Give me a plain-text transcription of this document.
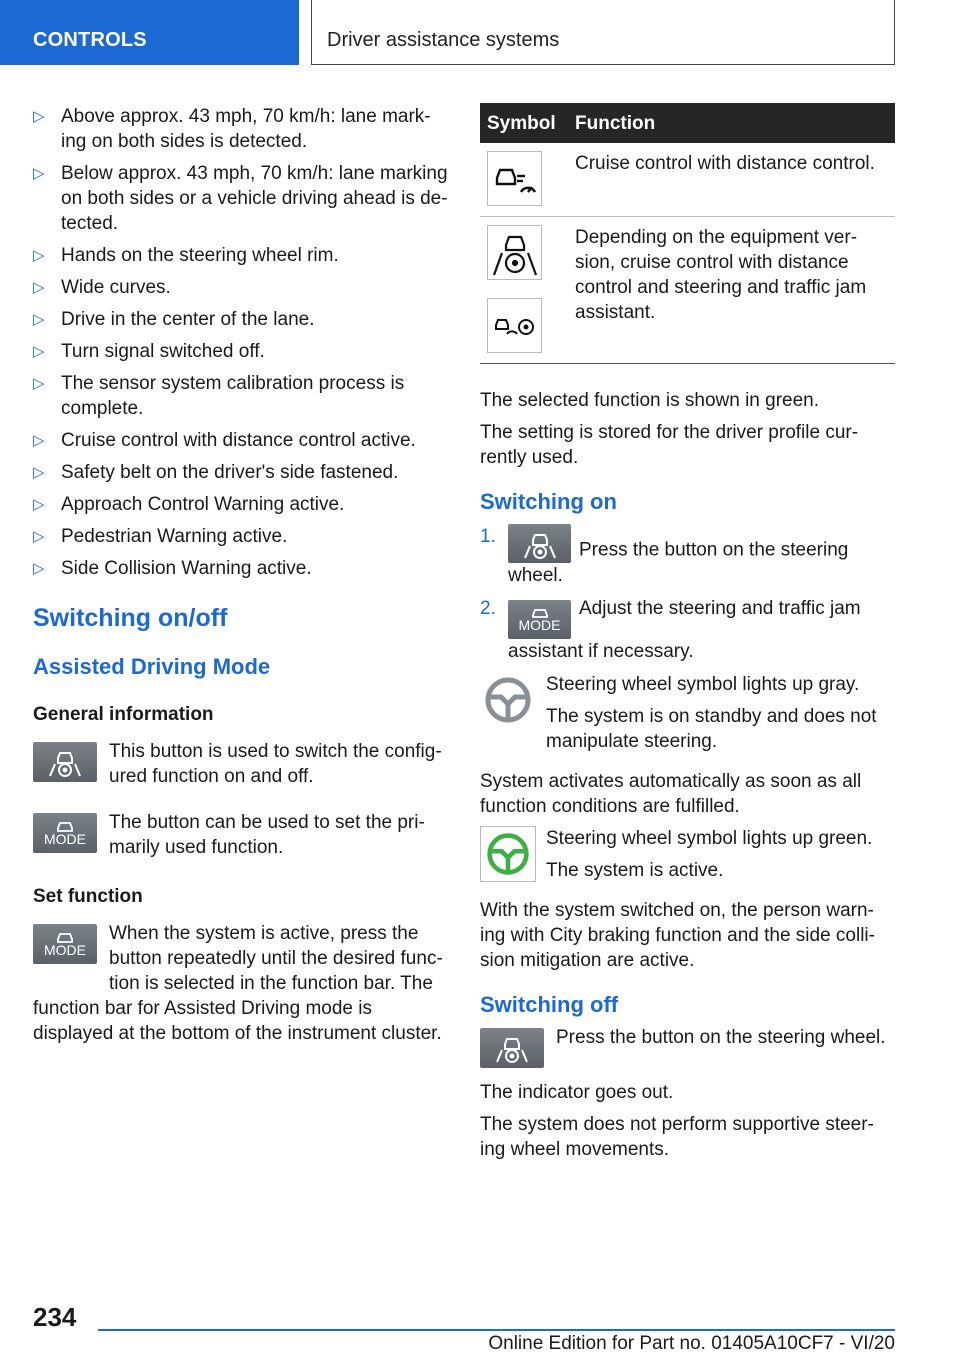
CONTROLS	Driver assistance systems
▷ Above approx. 43 mph, 70 km/h: lane mark-ing on both sides is detected.
▷ Below approx. 43 mph, 70 km/h: lane marking on both sides or a vehicle driving ahead is de-tected.
▷ Hands on the steering wheel rim.
▷ Wide curves.
▷ Drive in the center of the lane.
▷ Turn signal switched off.
▷ The sensor system calibration process is complete.
▷ Cruise control with distance control active.
▷ Safety belt on the driver's side fastened.
▷ Approach Control Warning active.
▷ Pedestrian Warning active.
▷ Side Collision Warning active.
Switching on/off
Assisted Driving Mode
General information

This button is used to switch the config-ured function on and off.

MODE

The button can be used to set the pri-marily used function.

Set function
MODE

When the system is active, press the button repeatedly until the desired func-tion is selected in the function bar. The function bar for Assisted Driving mode is displayed at the bottom of the instrument cluster.

Symbol	Function

	Cruise control with distance control.

	Depending on the equipment ver-sion, cruise control with distance control and steering and traffic jam assistant.

The selected function is shown in green.

The setting is stored for the driver profile cur-rently used.

Switching on
1.
Press the button on the steering wheel.
2.
MODE
Adjust the steering and traffic jam assistant if necessary.

Steering wheel symbol lights up gray.

The system is on standby and does not manipulate steering.

System activates automatically as soon as all function conditions are fulfilled.

Steering wheel symbol lights up green.

The system is active.

With the system switched on, the person warn-ing with City braking function and the side colli-sion mitigation are active.

Switching off

Press the button on the steering wheel.

The indicator goes out.

The system does not perform supportive steer-ing wheel movements.

234
Online Edition for Part no. 01405A10CF7 - VI/20
